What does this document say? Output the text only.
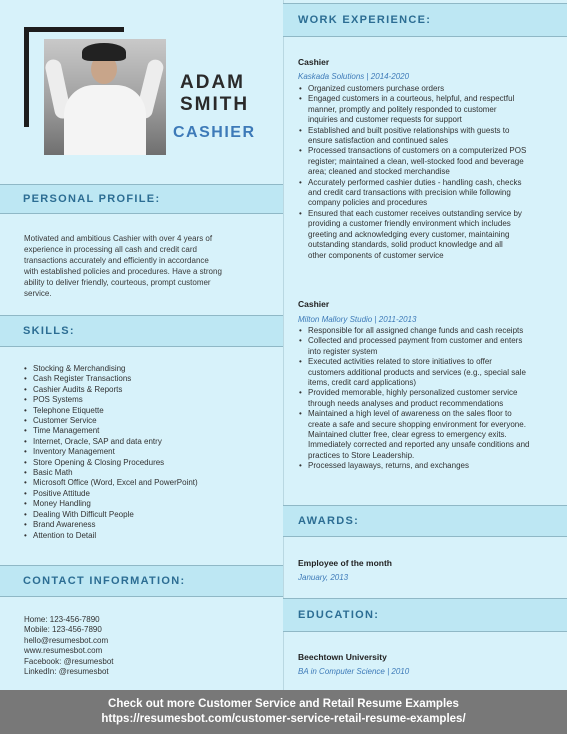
ADAM
SMITH
CASHIER
PERSONAL PROFILE:
Motivated and ambitious Cashier with over 4 years of
experience in processing all cash and credit card
transactions accurately and efficiently in accordance
with established policies and procedures. Have a strong
ability to deliver friendly, courteous, prompt customer
service.
SKILLS:
• Stocking & Merchandising
• Cash Register Transactions
• Cashier Audits & Reports
• POS Systems
• Telephone Etiquette
• Customer Service
• Time Management
• Internet, Oracle, SAP and data entry
• Inventory Management
• Store Opening & Closing Procedures
• Basic Math
• Microsoft Office (Word, Excel and PowerPoint)
• Positive Attitude
• Money Handling
• Dealing With Difficult People
• Brand Awareness
• Attention to Detail
CONTACT INFORMATION:
Home: 123-456-7890
Mobile: 123-456-7890
hello@resumesbot.com
www.resumesbot.com
Facebook: @resumesbot
LinkedIn: @resumesbot
WORK EXPERIENCE:
Cashier
Kaskada Solutions | 2014-2020
• Organized customers purchase orders
• Engaged customers in a courteous, helpful, and respectful
manner, promptly and politely responded to customer
inquiries and customer requests for support
• Established and built positive relationships with guests to
ensure satisfaction and continued sales
• Processed transactions of customers on a computerized POS
register; maintained a clean, well-stocked food and beverage
area; cleaned and stocked merchandise
• Accurately performed cashier duties - handling cash, checks
and credit card transactions with precision while following
company policies and procedures
• Ensured that each customer receives outstanding service by
providing a customer friendly environment which includes
greeting and acknowledging every customer, maintaining
outstanding standards, solid product knowledge and all
other components of customer service
Cashier
Milton Mallory Studio | 2011-2013
• Responsible for all assigned change funds and cash receipts
• Collected and processed payment from customer and enters
into register system
• Executed activities related to store initiatives to offer
customers additional products and services (e.g., special sale
items, credit card applications)
• Provided memorable, highly personalized customer service
through needs analyses and product recommendations
• Maintained a high level of awareness on the sales floor to
create a safe and secure shopping environment for everyone.
Maintained clutter free, clear egress to emergency exits.
Immediately corrected and reported any unsafe conditions and
practices to Store Leadership.
• Processed layaways, returns, and exchanges
AWARDS:
Employee of the month
January, 2013
EDUCATION:
Beechtown University
BA in Computer Science | 2010
Check out more Customer Service and Retail Resume Examples
https://resumesbot.com/customer-service-retail-resume-examples/
